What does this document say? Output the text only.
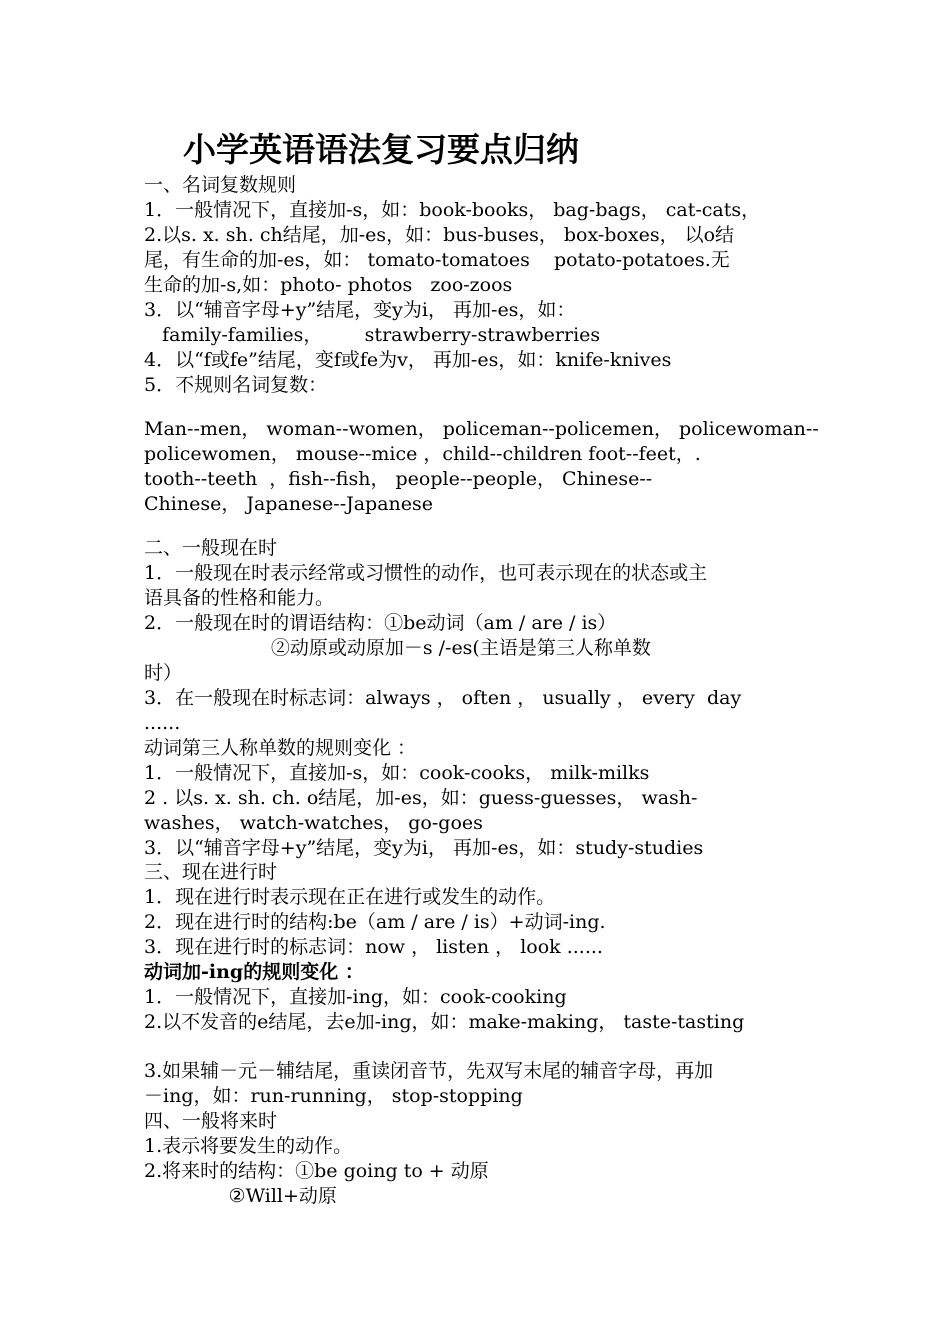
小学英语语法复习要点归纳
一、名词复数规则
1．一般情况下，直接加-s，如：book-books， bag-bags， cat-cats，
2.以s. x. sh. ch结尾，加-es，如：bus-buses， box-boxes， 以o结
尾，有生命的加-es，如： tomato-tomatoes    potato-potatoes.无
生命的加-s,如：photo- photos   zoo-zoos
3．以“辅音字母+y”结尾，变y为i， 再加-es，如：
family-families，       strawberry-strawberries
4．以“f或fe”结尾，变f或fe为v， 再加-es，如：knife-knives
5．不规则名词复数：
Man--men， woman--women， policeman--policemen， policewoman--
policewomen， mouse--mice ，child--children foot--feet，.
tooth--teeth  ，fish--fish， people--people， Chinese--
Chinese， Japanese--Japanese
二、一般现在时
1．一般现在时表示经常或习惯性的动作，也可表示现在的状态或主
语具备的性格和能力。
2．一般现在时的谓语结构：①be动词（am / are / is）
②动原或动原加－s /-es(主语是第三人称单数
时）
3．在一般现在时标志词：always ， often ， usually ， every  day
......
动词第三人称单数的规则变化 ：
1．一般情况下，直接加-s，如：cook-cooks， milk-milks
2 . 以s. x. sh. ch. o结尾，加-es，如：guess-guesses， wash-
washes， watch-watches， go-goes
3．以“辅音字母+y”结尾，变y为i， 再加-es，如：study-studies
三、现在进行时
1．现在进行时表示现在正在进行或发生的动作。
2．现在进行时的结构:be（am / are / is）+动词-ing.
3．现在进行时的标志词：now ， listen ， look ......
动词加-ing的规则变化 ：
1．一般情况下，直接加-ing，如：cook-cooking
2.以不发音的e结尾，去e加-ing，如：make-making， taste-tasting
3.如果辅－元－辅结尾，重读闭音节，先双写末尾的辅音字母，再加
－ing，如：run-running， stop-stopping
四、一般将来时
1.表示将要发生的动作。
2.将来时的结构：①be going to + 动原
②Will+动原
